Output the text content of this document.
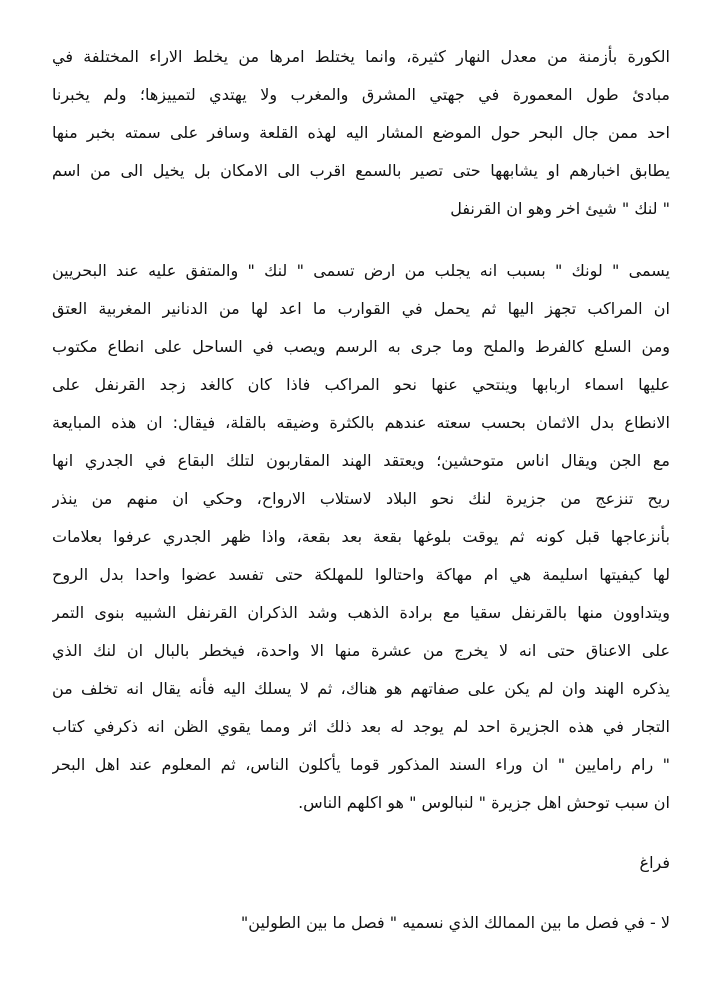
الكورة بأزمنة من معدل النهار كثيرة، وانما يختلط امرها من يخلط الاراء المختلفة في
مبادئ طول المعمورة في جهتي المشرق والمغرب ولا يهتدي لتمييزها؛ ولم يخبرنا
احد ممن جال البحر حول الموضع المشار اليه لهذه القلعة وسافر على سمته بخبر منها
يطابق اخبارهم او يشابهها حتى تصير بالسمع اقرب الى الامكان بل يخيل الى من اسم
" لنك " شيئ اخر وهو ان القرنفل
يسمى " لونك " بسبب انه يجلب من ارض تسمى " لنك " والمتفق عليه عند البحريين
ان المراكب تجهز اليها ثم يحمل في القوارب ما اعد لها من الدنانير المغربية العتق
ومن السلع كالفرط والملح وما جرى به الرسم ويصب في الساحل على انطاع مكتوب
عليها اسماء اربابها وينتحي عنها نحو المراكب فاذا كان كالغد زجد القرنفل على
الانطاع بدل الاثمان بحسب سعته عندهم بالكثرة وضيقه بالقلة، فيقال: ان هذه المبايعة
مع الجن ويقال اناس متوحشين؛ ويعتقد الهند المقاربون لتلك البقاع في الجدري انها
ريح تنزعج من جزيرة لنك نحو البلاد لاستلاب الارواح، وحكي ان منهم من ينذر
بأنزعاجها قبل كونه ثم يوقت بلوغها بقعة بعد بقعة، واذا ظهر الجدري عرفوا بعلامات
لها كيفيتها اسليمة هي ام مهاكة واحتالوا للمهلكة حتى تفسد عضوا واحدا بدل الروح
ويتداوون منها بالقرنفل سقيا مع برادة الذهب وشد الذكران القرنفل الشبيه بنوى التمر
على الاعناق حتى انه لا يخرج من عشرة منها الا واحدة، فيخطر بالبال ان لنك الذي
يذكره الهند وان لم يكن على صفاتهم هو هناك، ثم لا يسلك اليه فأنه يقال انه تخلف من
التجار في هذه الجزيرة احد لم يوجد له بعد ذلك اثر ومما يقوي الظن انه ذكرفي كتاب
" رام رامايين " ان وراء السند المذكور قوما يأكلون الناس، ثم المعلوم عند اهل البحر
ان سبب توحش اهل جزيرة " لنبالوس " هو اكلهم الناس.
فراغ
لا - في فصل ما بين الممالك الذي نسميه " فصل ما بين الطولين"
